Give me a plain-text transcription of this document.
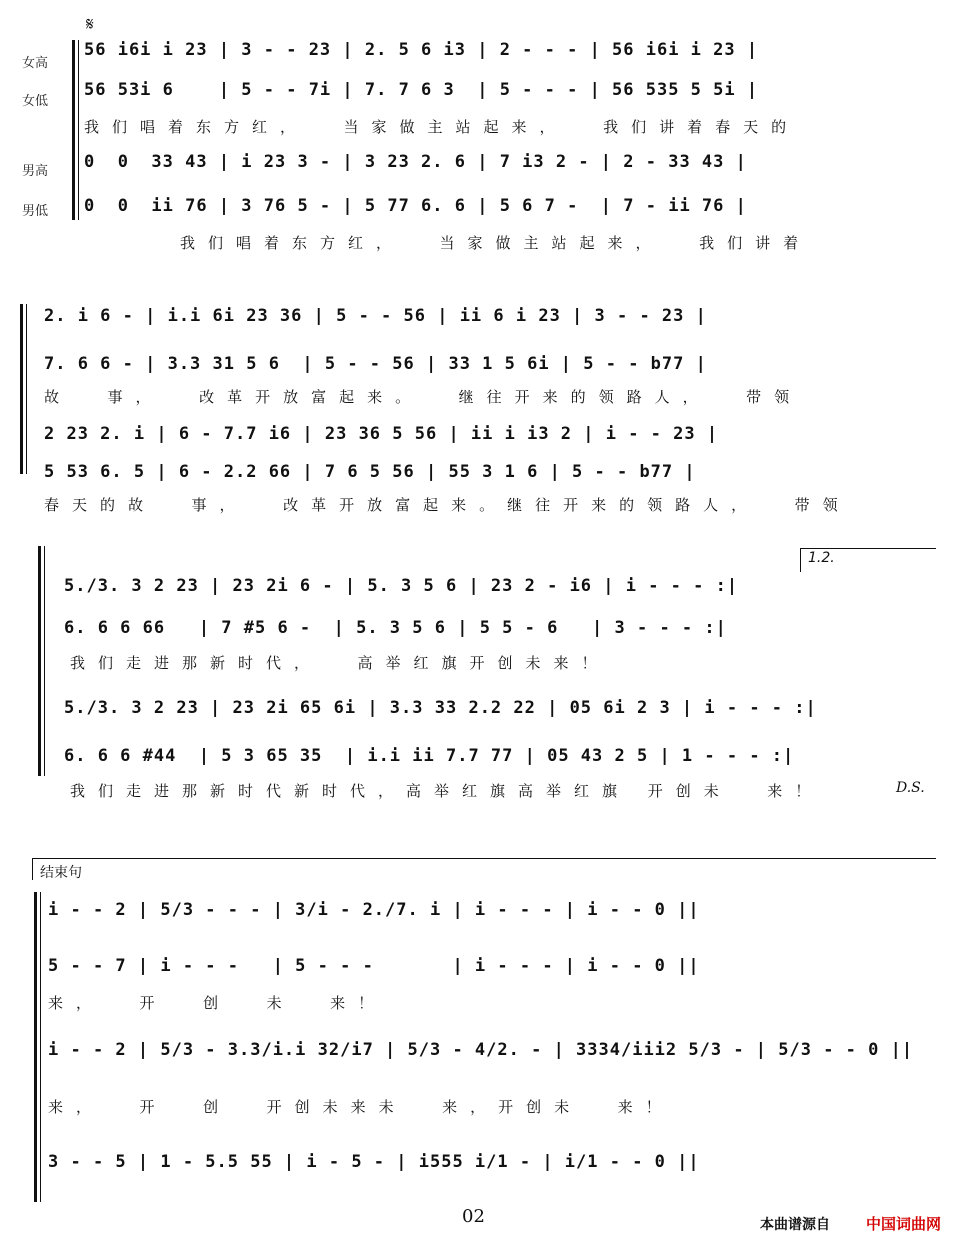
女高
女低
男高
男低
𝄋
56 i6i i 23 | 3 - - 23 | 2. 5 6 i3 | 2 - - - | 56 i6i i 23 |
56 53i 6    | 5 - - 7i | 7. 7 6 3  | 5 - - - | 56 535 5 5i |
我们唱着东方红，  当家做主站起来，  我们讲着春天的
0  0  33 43 | i 23 3 - | 3 23 2. 6 | 7 i3 2 - | 2 - 33 43 |
0  0  ii 76 | 3 76 5 - | 5 77 6. 6 | 5 6 7 -  | 7 - ii 76 |
我们唱着东方红，  当家做主站起来，  我们讲着
2. i 6 - | i.i 6i 23 36 | 5 - - 56 | ii 6 i 23 | 3 - - 23 |
7. 6 6 - | 3.3 31 5 6  | 5 - - 56 | 33 1 5 6i | 5 - - b77 |
故  事，  改革开放富起来。  继往开来的领路人，  带领
2 23 2. i | 6 - 7.7 i6 | 23 36 5 56 | ii i i3 2 | i - - 23 |
5 53 6. 5 | 6 - 2.2 66 | 7 6 5 56 | 55 3 1 6 | 5 - - b77 |
春天的故  事，  改革开放富起来。继往开来的领路人，  带领
1.2.
5./3. 3 2 23 | 23 2i 6 - | 5. 3 5 6 | 23 2 - i6 | i - - - :|
6. 6 6 66   | 7 #5 6 -  | 5. 3 5 6 | 5 5 - 6   | 3 - - - :|
我们走进那新时代，  高举红旗开创未来！
5./3. 3 2 23 | 23 2i 65 6i | 3.3 33 2.2 22 | 05 6i 2 3 | i - - - :|
6. 6 6 #44  | 5 3 65 35  | i.i ii 7.7 77 | 05 43 2 5 | 1 - - - :|
我们走进那新时代新时代，高举红旗高举红旗 开创未  来！	D.S.
结束句
i - - 2 | 5/3 - - - | 3/i - 2./7. i | i - - - | i - - 0 ||
5 - - 7 | i - - -   | 5 - - -       | i - - - | i - - 0 ||
来，  开  创  未  来！
i - - 2 | 5/3 - 3.3/i.i 32/i7 | 5/3 - 4/2. - | 3334/iii2 5/3 - | 5/3 - - 0 ||
来，  开  创  开创未来未  来，开创未  来！
3 - - 5 | 1 - 5.5 55 | i - 5 - | i555 i/1 - | i/1 - - 0 ||
02	本曲谱源自 中国词曲网
